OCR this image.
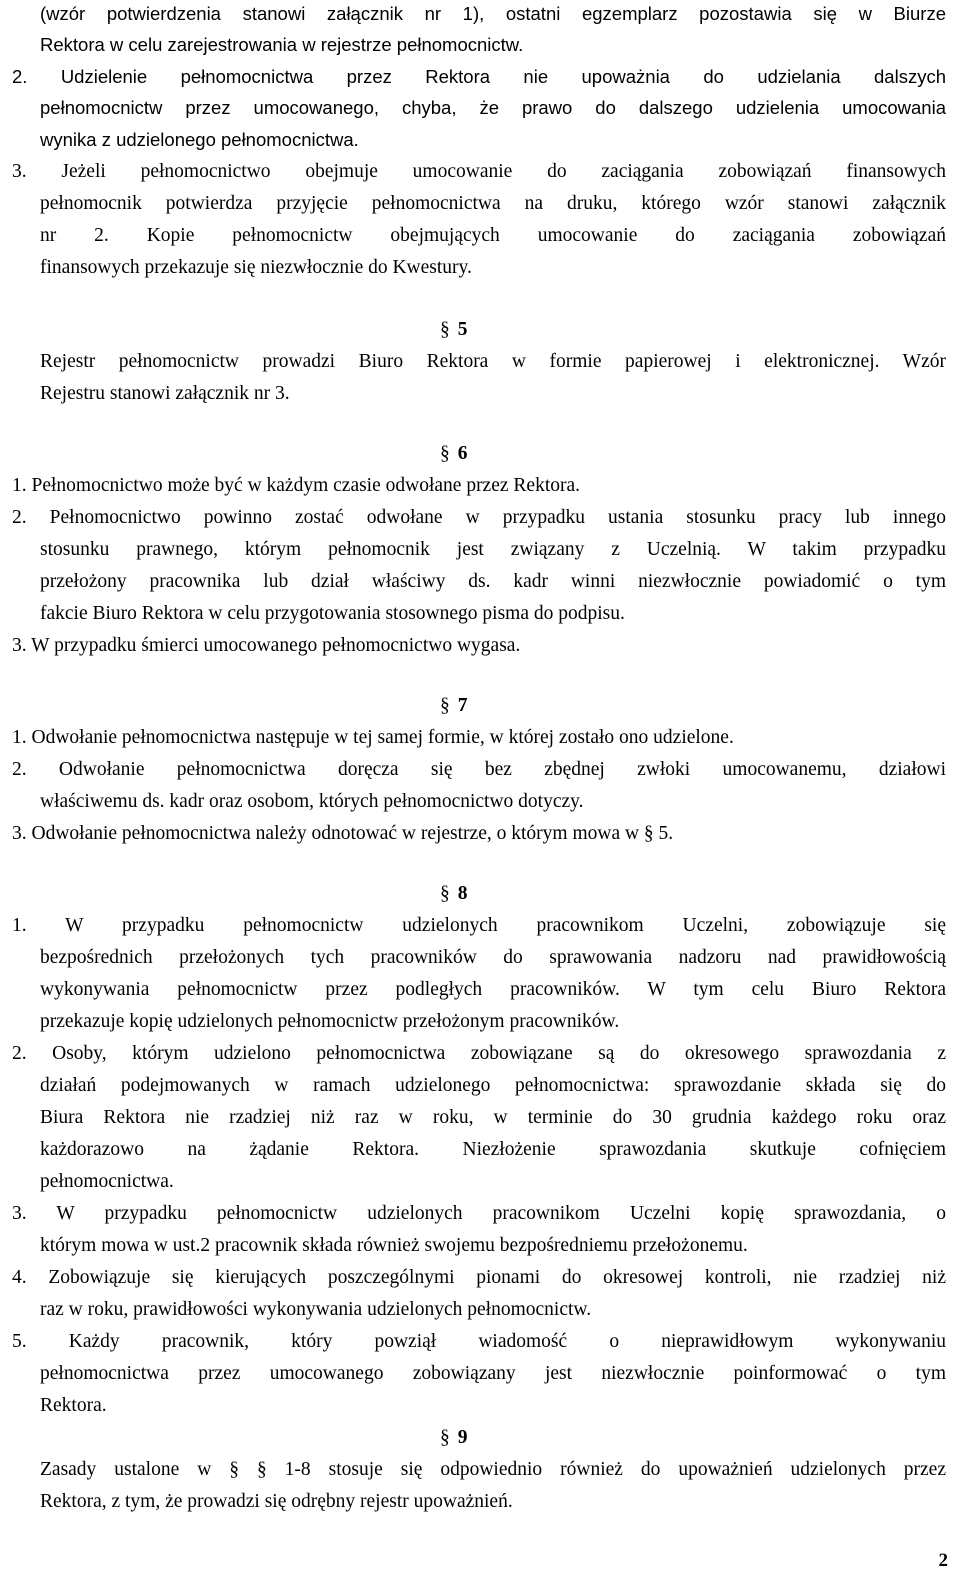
(wzór potwierdzenia stanowi załącznik nr 1), ostatni egzemplarz pozostawia się w Biurze
Rektora w celu zarejestrowania w rejestrze pełnomocnictw.
2. Udzielenie pełnomocnictwa przez Rektora nie upoważnia do udzielania dalszych
pełnomocnictw przez umocowanego, chyba, że prawo do dalszego udzielenia umocowania
wynika z udzielonego pełnomocnictwa.
3. Jeżeli pełnomocnictwo obejmuje umocowanie do zaciągania zobowiązań finansowych
pełnomocnik potwierdza przyjęcie pełnomocnictwa na druku, którego wzór stanowi załącznik
nr 2. Kopie pełnomocnictw obejmujących umocowanie do zaciągania zobowiązań
finansowych przekazuje się niezwłocznie do Kwestury.
§ 5
Rejestr pełnomocnictw prowadzi Biuro Rektora w formie papierowej i elektronicznej. Wzór
Rejestru stanowi załącznik nr 3.
§ 6
1. Pełnomocnictwo może być w każdym czasie odwołane przez Rektora.
2. Pełnomocnictwo powinno zostać odwołane w przypadku ustania stosunku pracy lub innego
stosunku prawnego, którym pełnomocnik jest związany z Uczelnią. W takim przypadku
przełożony pracownika lub dział właściwy ds. kadr winni niezwłocznie powiadomić o tym
fakcie Biuro Rektora w celu przygotowania stosownego pisma do podpisu.
3. W przypadku śmierci umocowanego pełnomocnictwo wygasa.
§ 7
1. Odwołanie pełnomocnictwa następuje w tej samej formie, w której zostało ono udzielone.
2. Odwołanie pełnomocnictwa doręcza się bez zbędnej zwłoki umocowanemu, działowi
właściwemu ds. kadr oraz osobom, których pełnomocnictwo dotyczy.
3. Odwołanie pełnomocnictwa należy odnotować w rejestrze, o którym mowa w § 5.
§ 8
1. W przypadku pełnomocnictw udzielonych pracownikom Uczelni, zobowiązuje się
bezpośrednich przełożonych tych pracowników do sprawowania nadzoru nad prawidłowością
wykonywania pełnomocnictw przez podległych pracowników. W tym celu Biuro Rektora
przekazuje kopię udzielonych pełnomocnictw przełożonym pracowników.
2. Osoby, którym udzielono pełnomocnictwa zobowiązane są do okresowego sprawozdania z
działań podejmowanych w ramach udzielonego pełnomocnictwa: sprawozdanie składa się do
Biura Rektora nie rzadziej niż raz w roku, w terminie do 30 grudnia każdego roku oraz
każdorazowo na żądanie Rektora. Niezłożenie sprawozdania skutkuje cofnięciem
pełnomocnictwa.
3. W przypadku pełnomocnictw udzielonych pracownikom Uczelni kopię sprawozdania, o
którym mowa w ust.2 pracownik składa również swojemu bezpośredniemu przełożonemu.
4. Zobowiązuje się kierujących poszczególnymi pionami do okresowej kontroli, nie rzadziej niż
raz w roku, prawidłowości wykonywania udzielonych pełnomocnictw.
5. Każdy pracownik, który powziął wiadomość o nieprawidłowym wykonywaniu
pełnomocnictwa przez umocowanego zobowiązany jest niezwłocznie poinformować o tym
Rektora.
§ 9
Zasady ustalone w § § 1-8 stosuje się odpowiednio również do upoważnień udzielonych przez
Rektora, z tym, że prowadzi się odrębny rejestr upoważnień.
2
